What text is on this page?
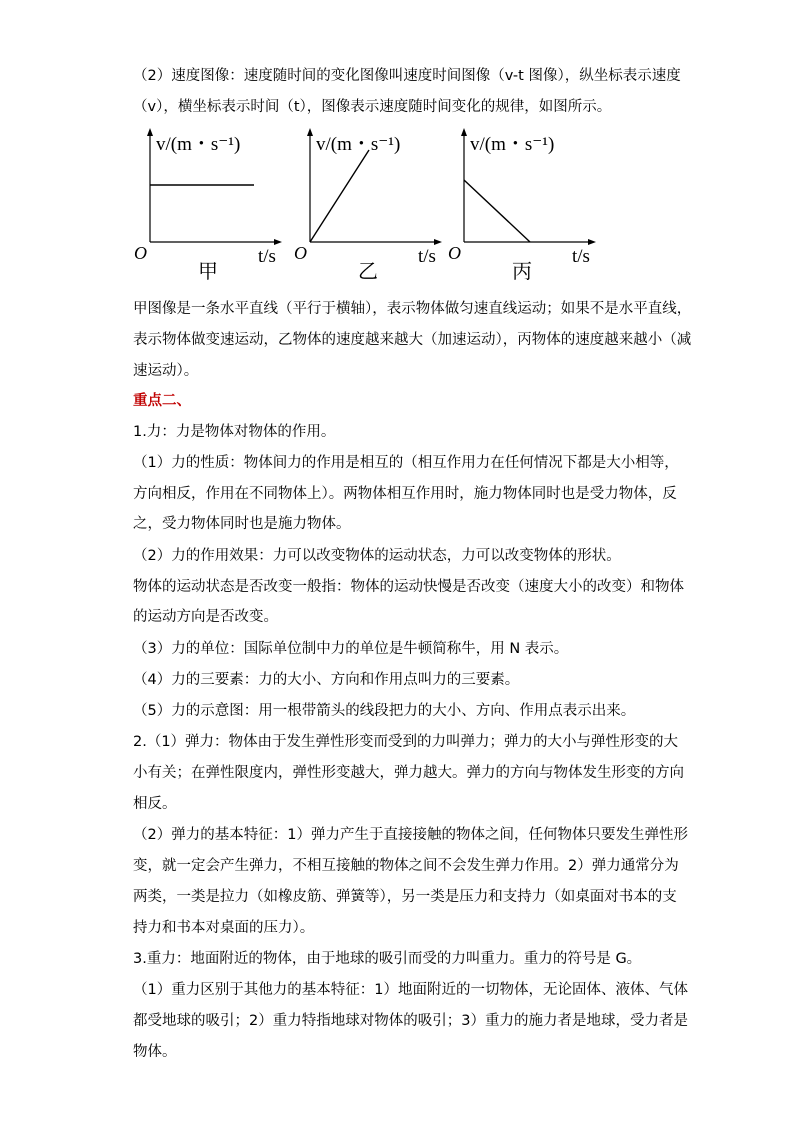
（2）速度图像：速度随时间的变化图像叫速度时间图像（v-t 图像），纵坐标表示速度
（v），横坐标表示时间（t），图像表示速度随时间变化的规律，如图所示。
v/(m・s⁻¹)
O	t/s
甲
v/(m・s⁻¹)
O	t/s
乙
v/(m・s⁻¹)
O	t/s
丙
甲图像是一条水平直线（平行于横轴），表示物体做匀速直线运动；如果不是水平直线，
表示物体做变速运动，乙物体的速度越来越大（加速运动），丙物体的速度越来越小（减
速运动）。
重点二、
1.力：力是物体对物体的作用。
（1）力的性质：物体间力的作用是相互的（相互作用力在任何情况下都是大小相等，
方向相反，作用在不同物体上）。两物体相互作用时，施力物体同时也是受力物体，反
之，受力物体同时也是施力物体。
（2）力的作用效果：力可以改变物体的运动状态，力可以改变物体的形状。
物体的运动状态是否改变一般指：物体的运动快慢是否改变（速度大小的改变）和物体
的运动方向是否改变。
（3）力的单位：国际单位制中力的单位是牛顿简称牛，用 N 表示。
（4）力的三要素：力的大小、方向和作用点叫力的三要素。
（5）力的示意图：用一根带箭头的线段把力的大小、方向、作用点表示出来。
2.（1）弹力：物体由于发生弹性形变而受到的力叫弹力；弹力的大小与弹性形变的大
小有关；在弹性限度内，弹性形变越大，弹力越大。弹力的方向与物体发生形变的方向
相反。
（2）弹力的基本特征：1）弹力产生于直接接触的物体之间，任何物体只要发生弹性形
变，就一定会产生弹力，不相互接触的物体之间不会发生弹力作用。2）弹力通常分为
两类，一类是拉力（如橡皮筋、弹簧等），另一类是压力和支持力（如桌面对书本的支
持力和书本对桌面的压力）。
3.重力：地面附近的物体，由于地球的吸引而受的力叫重力。重力的符号是 G。
（1）重力区别于其他力的基本特征：1）地面附近的一切物体，无论固体、液体、气体
都受地球的吸引；2）重力特指地球对物体的吸引；3）重力的施力者是地球，受力者是
物体。
